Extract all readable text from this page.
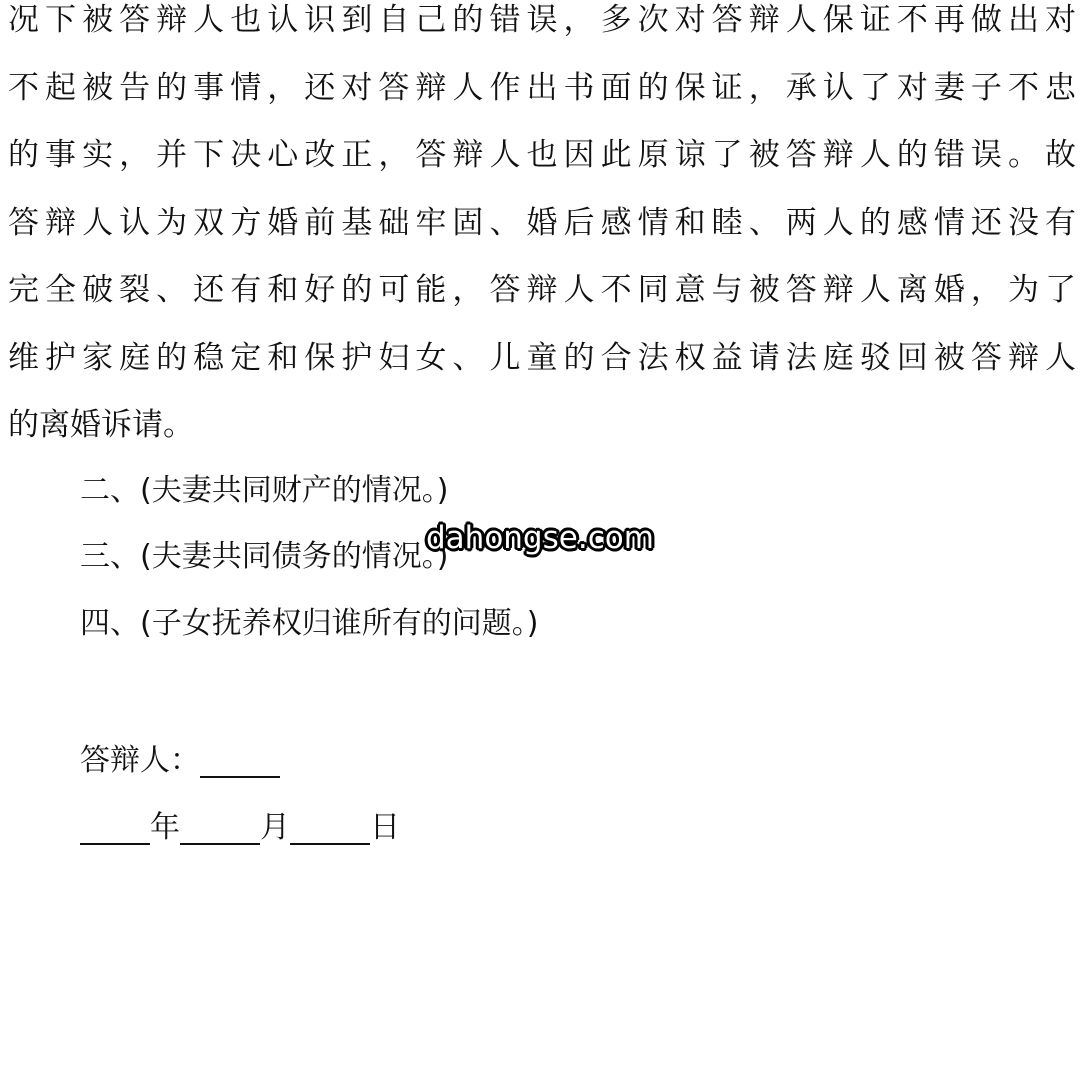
况下被答辩人也认识到自己的错误，多次对答辩人保证不再做出对
不起被告的事情，还对答辩人作出书面的保证，承认了对妻子不忠
的事实，并下决心改正，答辩人也因此原谅了被答辩人的错误。故
答辩人认为双方婚前基础牢固、婚后感情和睦、两人的感情还没有
完全破裂、还有和好的可能，答辩人不同意与被答辩人离婚，为了
维护家庭的稳定和保护妇女、儿童的合法权益请法庭驳回被答辩人
的离婚诉请。

二、(夫妻共同财产的情况。)

三、(夫妻共同债务的情况。)

四、(子女抚养权归谁所有的问题。)

答辩人：
年	月	日
dahongse.com
